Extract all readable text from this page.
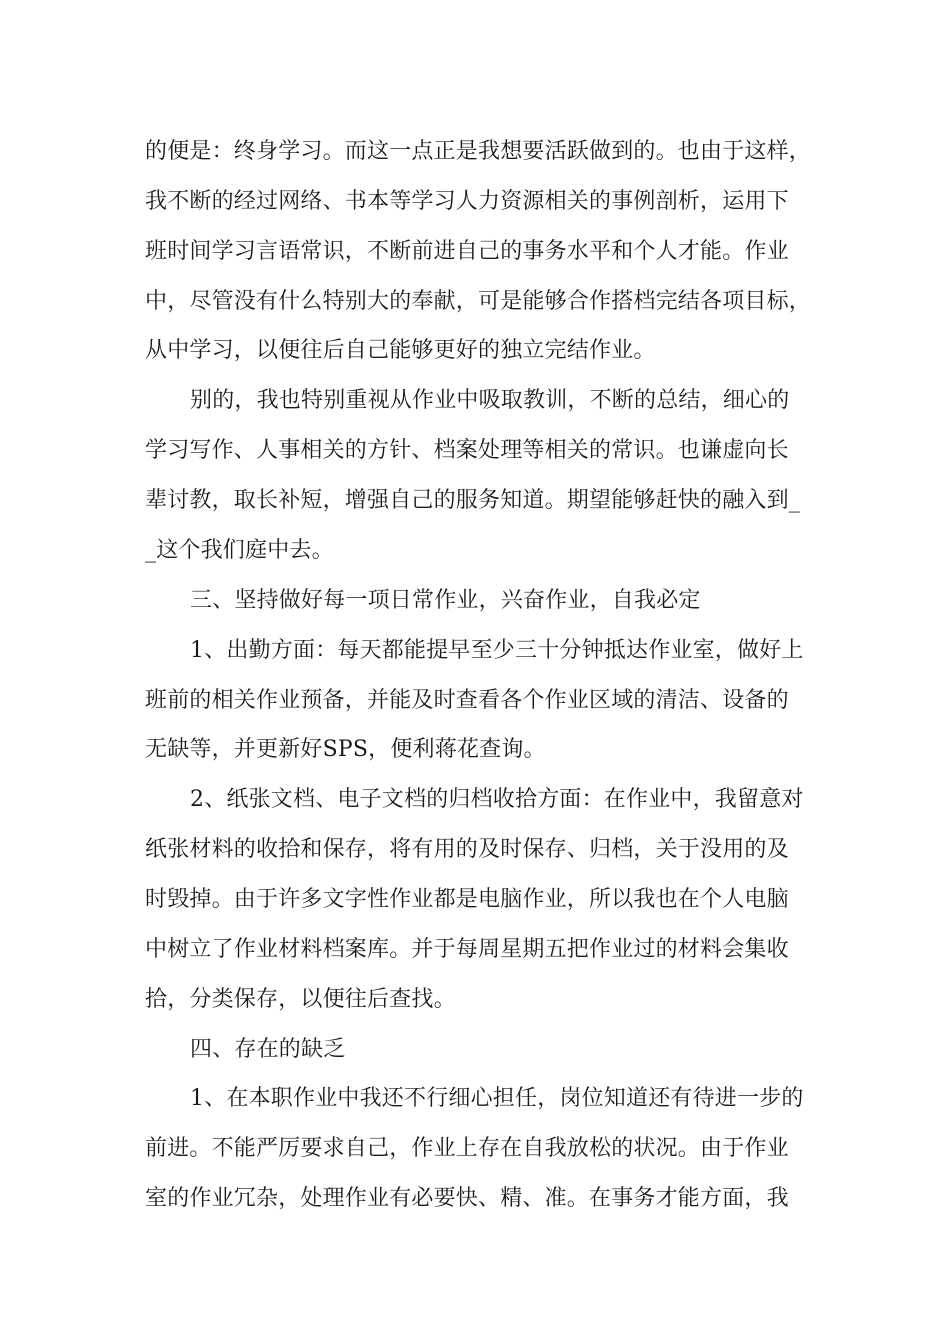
的便是：终身学习。而这一点正是我想要活跃做到的。也由于这样，
我不断的经过网络、书本等学习人力资源相关的事例剖析，运用下
班时间学习言语常识，不断前进自己的事务水平和个人才能。作业
中，尽管没有什么特别大的奉献，可是能够合作搭档完结各项目标，
从中学习，以便往后自己能够更好的独立完结作业。
别的，我也特别重视从作业中吸取教训，不断的总结，细心的
学习写作、人事相关的方针、档案处理等相关的常识。也谦虚向长
辈讨教，取长补短，增强自己的服务知道。期望能够赶快的融入到_
_这个我们庭中去。
三、坚持做好每一项日常作业，兴奋作业，自我必定
1、出勤方面：每天都能提早至少三十分钟抵达作业室，做好上
班前的相关作业预备，并能及时查看各个作业区域的清洁、设备的
无缺等，并更新好SPS，便利蒋花查询。
2、纸张文档、电子文档的归档收拾方面：在作业中，我留意对
纸张材料的收拾和保存，将有用的及时保存、归档，关于没用的及
时毁掉。由于许多文字性作业都是电脑作业，所以我也在个人电脑
中树立了作业材料档案库。并于每周星期五把作业过的材料会集收
拾，分类保存，以便往后查找。
四、存在的缺乏
1、在本职作业中我还不行细心担任，岗位知道还有待进一步的
前进。不能严厉要求自己，作业上存在自我放松的状况。由于作业
室的作业冗杂，处理作业有必要快、精、准。在事务才能方面，我
